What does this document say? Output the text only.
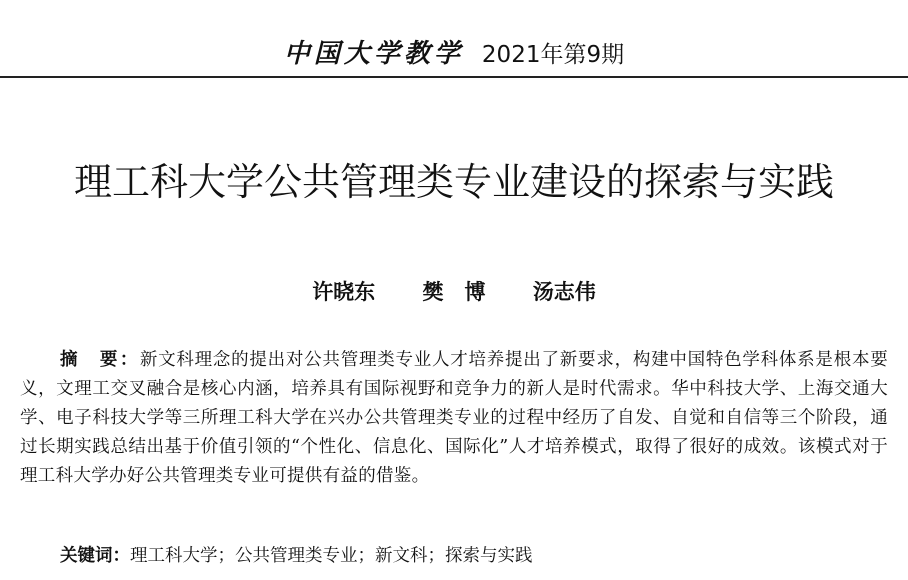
中国大学教学 2021年第9期
理工科大学公共管理类专业建设的探索与实践
许晓东 樊　博 汤志伟
摘　要：新文科理念的提出对公共管理类专业人才培养提出了新要求，构建中国特色学科体系是根本要义，文理工交叉融合是核心内涵，培养具有国际视野和竞争力的新人是时代需求。华中科技大学、上海交通大学、电子科技大学等三所理工科大学在兴办公共管理类专业的过程中经历了自发、自觉和自信等三个阶段，通过长期实践总结出基于价值引领的“个性化、信息化、国际化”人才培养模式，取得了很好的成效。该模式对于理工科大学办好公共管理类专业可提供有益的借鉴。
关键词：理工科大学；公共管理类专业；新文科；探索与实践
